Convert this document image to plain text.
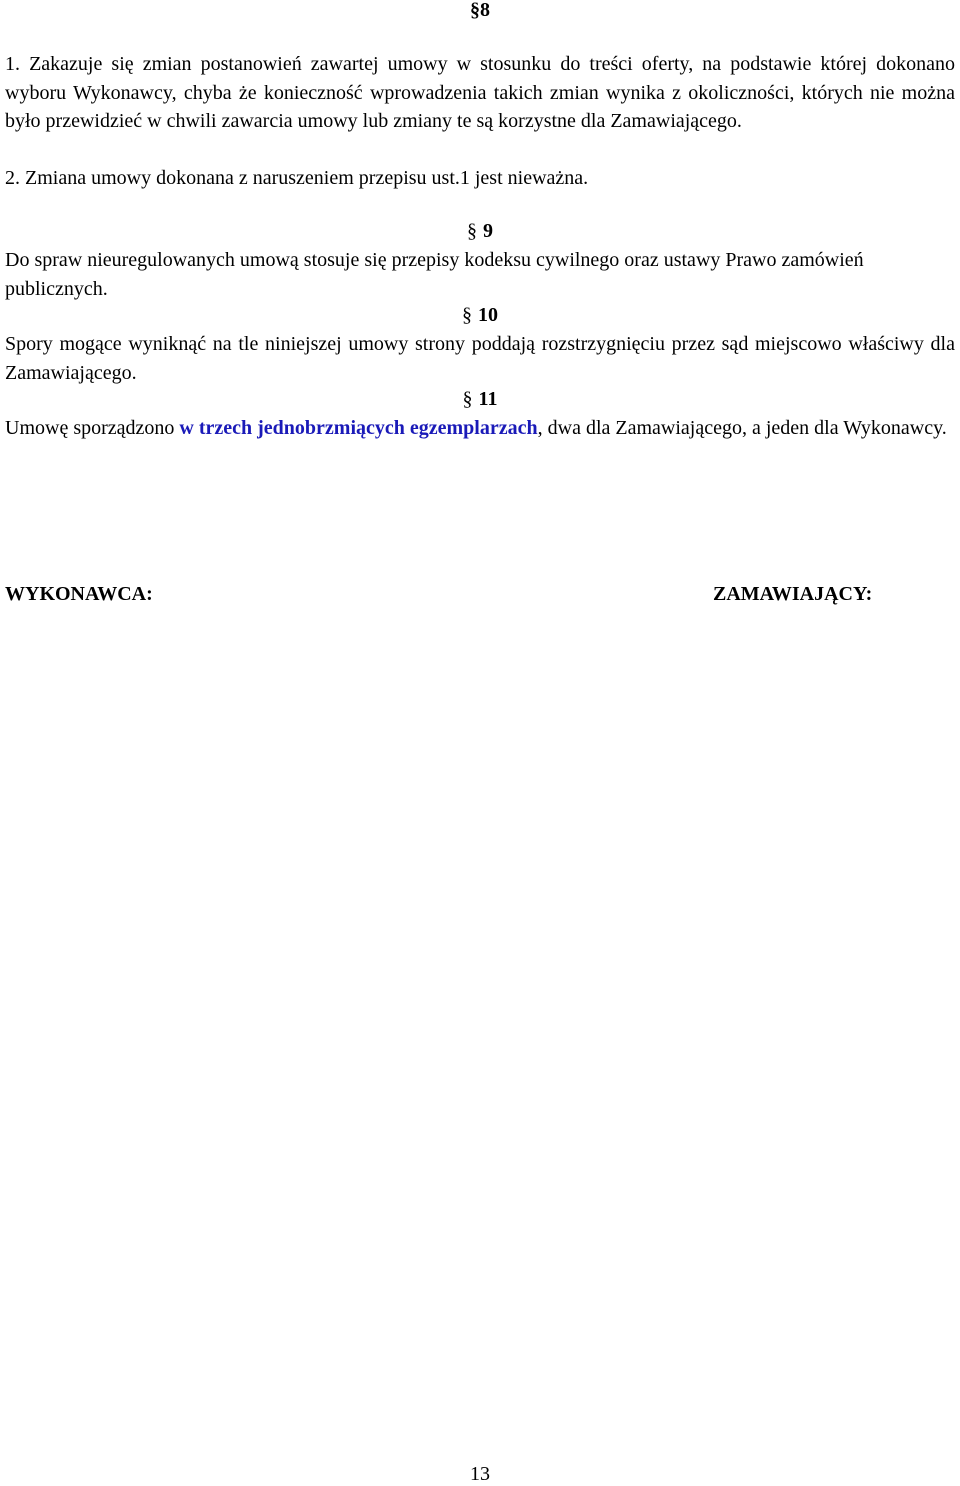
§8

1. Zakazuje się zmian postanowień zawartej umowy w stosunku do treści oferty, na podstawie której dokonano wyboru Wykonawcy, chyba że konieczność wprowadzenia takich zmian wynika z okoliczności, których nie można było przewidzieć w chwili zawarcia umowy lub zmiany te są korzystne dla Zamawiającego.

2. Zmiana umowy dokonana z naruszeniem przepisu ust.1 jest nieważna.

§ 9

Do spraw nieuregulowanych umową stosuje się przepisy kodeksu cywilnego oraz ustawy Prawo zamówień publicznych.

§ 10

Spory mogące wyniknąć na tle niniejszej umowy strony poddają rozstrzygnięciu przez sąd miejscowo właściwy dla Zamawiającego.

§ 11

Umowę sporządzono w trzech jednobrzmiących egzemplarzach, dwa dla Zamawiającego, a jeden dla Wykonawcy.

WYKONAWCA:	ZAMAWIAJĄCY:
13
